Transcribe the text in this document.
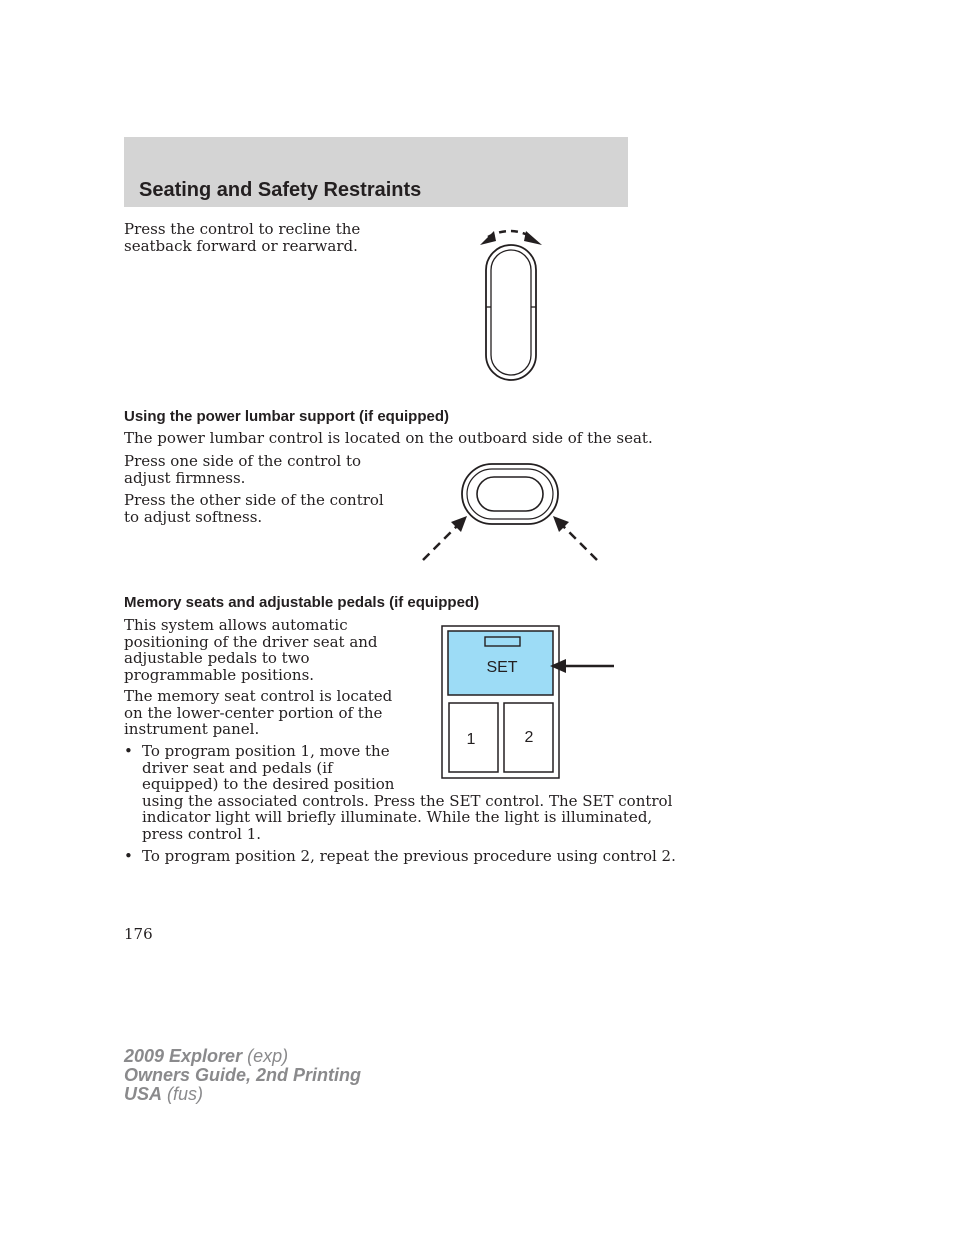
Seating and Safety Restraints

Press the control to recline the
seatback forward or rearward.

Using the power lumbar support (if equipped)

The power lumbar control is located on the outboard side of the seat.

Press one side of the control to
adjust firmness.

Press the other side of the control
to adjust softness.

Memory seats and adjustable pedals (if equipped)

This system allows automatic
positioning of the driver seat and
adjustable pedals to two
programmable positions.

The memory seat control is located
on the lower-center portion of the
instrument panel.

• To program position 1, move the
driver seat and pedals (if
equipped) to the desired position
using the associated controls. Press the SET control. The SET control
indicator light will briefly illuminate. While the light is illuminated,
press control 1.

• To program position 2, repeat the previous procedure using control 2.

SET
1	2
176
2009 Explorer (exp)
Owners Guide, 2nd Printing
USA (fus)
